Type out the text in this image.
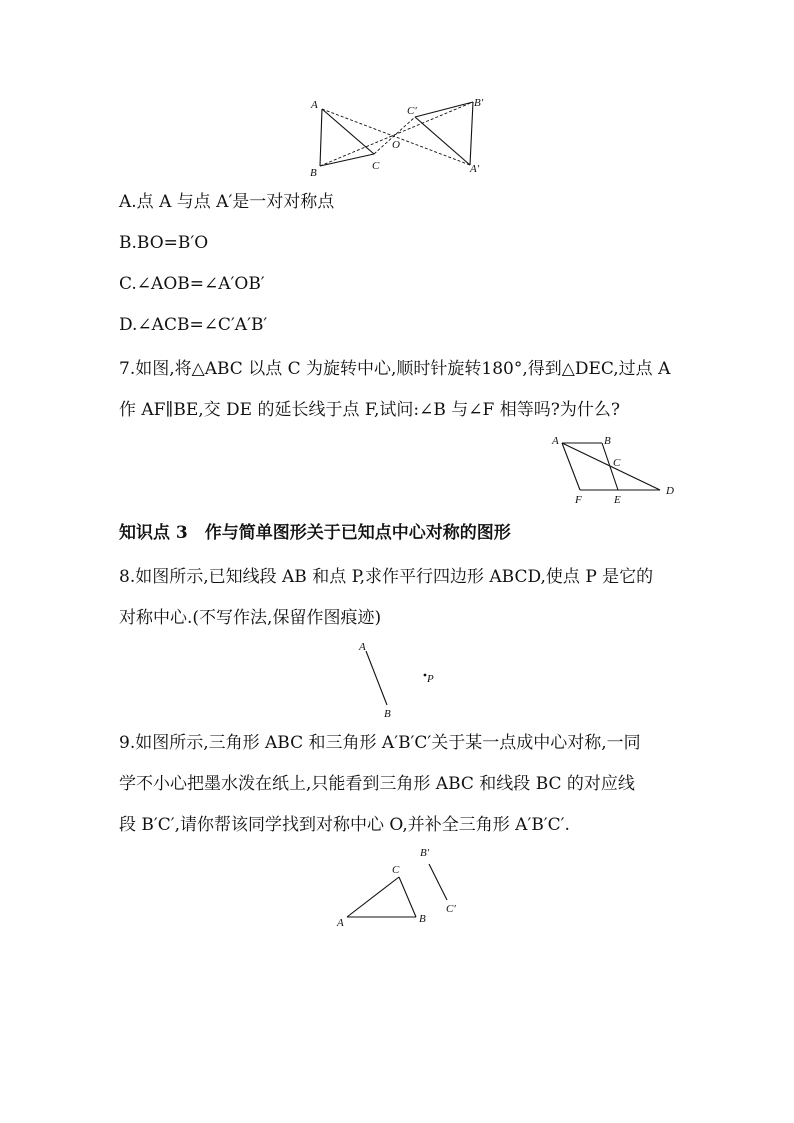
A
B
C
O
C′
B′
A′
A.点 A 与点 A′是一对对称点
B.BO=B′O
C.∠AOB=∠A′OB′
D.∠ACB=∠C′A′B′
7.如图,将△ABC 以点 C 为旋转中心,顺时针旋转180°,得到△DEC,过点 A
作 AF∥BE,交 DE 的延长线于点 F,试问:∠B 与∠F 相等吗?为什么?
A	B
C
D
E
F
知识点 3　作与简单图形关于已知点中心对称的图形
8.如图所示,已知线段 AB 和点 P,求作平行四边形 ABCD,使点 P 是它的
对称中心.(不写作法,保留作图痕迹)
A
B
P
9.如图所示,三角形 ABC 和三角形 A′B′C′关于某一点成中心对称,一同
学不小心把墨水泼在纸上,只能看到三角形 ABC 和线段 BC 的对应线
段 B′C′,请你帮该同学找到对称中心 O,并补全三角形 A′B′C′.
A	B
C
B′
C′
